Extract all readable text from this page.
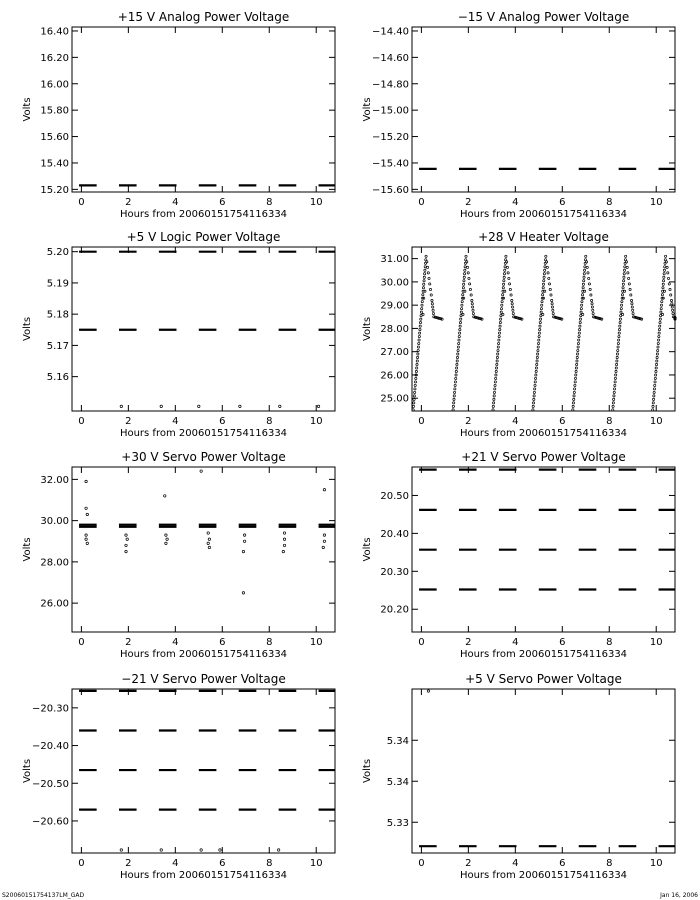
+15 V Analog Power Voltage
0	2	4	6	8	10
15.20
15.40
15.60
15.80
16.00
16.20
16.40
Hours from 20060151754116334
Volts
−15 V Analog Power Voltage
0	2	4	6	8	10
−15.60
−15.40
−15.20
−15.00
−14.80
−14.60
−14.40
Hours from 20060151754116334
Volts
+5 V Logic Power Voltage
0	2	4	6	8	10
5.16
5.17
5.18
5.19
5.20
Hours from 20060151754116334
Volts
+28 V Heater Voltage
0	2	4	6	8	10
25.00
26.00
27.00
28.00
29.00
30.00
31.00
Hours from 20060151754116334
Volts
+30 V Servo Power Voltage
0	2	4	6	8	10
26.00
28.00
30.00
32.00
Hours from 20060151754116334
Volts
+21 V Servo Power Voltage
0	2	4	6	8	10
20.20
20.30
20.40
20.50
Hours from 20060151754116334
Volts
−21 V Servo Power Voltage
0	2	4	6	8	10
−20.60
−20.50
−20.40
−20.30
Hours from 20060151754116334
Volts
+5 V Servo Power Voltage
0	2	4	6	8	10
5.33
5.34
5.34
Hours from 20060151754116334
Volts
S20060151754137LM_GAD	Jan 16, 2006
